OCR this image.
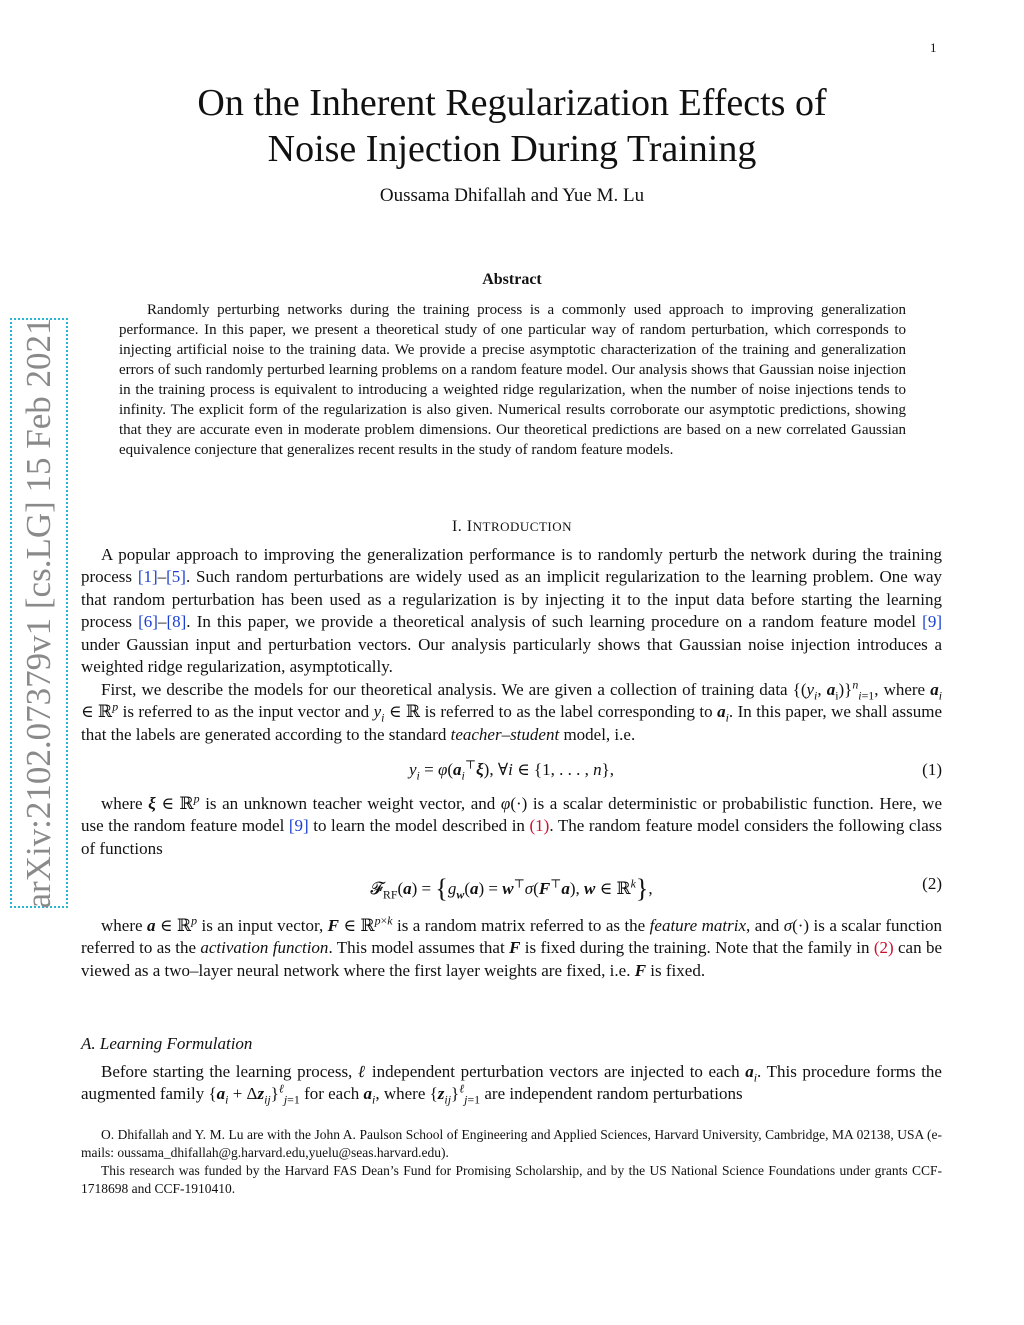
1
On the Inherent Regularization Effects of
Noise Injection During Training
Oussama Dhifallah and Yue M. Lu
Abstract
Randomly perturbing networks during the training process is a commonly used approach to improving generalization performance. In this paper, we present a theoretical study of one particular way of random perturbation, which corresponds to injecting artificial noise to the training data. We provide a precise asymptotic characterization of the training and generalization errors of such randomly perturbed learning problems on a random feature model. Our analysis shows that Gaussian noise injection in the training process is equivalent to introducing a weighted ridge regularization, when the number of noise injections tends to infinity. The explicit form of the regularization is also given. Numerical results corroborate our asymptotic predictions, showing that they are accurate even in moderate problem dimensions. Our theoretical predictions are based on a new correlated Gaussian equivalence conjecture that generalizes recent results in the study of random feature models.
I. INTRODUCTION
A popular approach to improving the generalization performance is to randomly perturb the network during the training process [1]–[5]. Such random perturbations are widely used as an implicit regularization to the learning problem. One way that random perturbation has been used as a regularization is by injecting it to the input data before starting the learning process [6]–[8]. In this paper, we provide a theoretical analysis of such learning procedure on a random feature model [9] under Gaussian input and perturbation vectors. Our analysis particularly shows that Gaussian noise injection introduces a weighted ridge regularization, asymptotically.
First, we describe the models for our theoretical analysis. We are given a collection of training data {($y_i$, $a_i)\}^n_{i=1}$, where $a_i$ ∈ ℝ$^p$ is referred to as the input vector and $y_i$ ∈ ℝ is referred to as the label corresponding to $a_i$. In this paper, we shall assume that the labels are generated according to the standard teacher–student model, i.e.
$y_i = \varphi(a_i^⊤\xi)$, ∀i ∈ {1, . . . , n},	(1)
where ξ ∈ ℝ$^p$ is an unknown teacher weight vector, and φ(·) is a scalar deterministic or probabilistic function. Here, we use the random feature model [9] to learn the model described in (1). The random feature model considers the following class of functions
𝓕$_{RF}$(a) = {$g_w(a) = w^⊤\sigma(F^⊤a)$, w ∈ ℝ$^k$},	(2)
where a ∈ ℝ$^p$ is an input vector, F ∈ ℝ$^{p\times k}$ is a random matrix referred to as the feature matrix, and σ(·) is a scalar function referred to as the activation function. This model assumes that F is fixed during the training. Note that the family in (2) can be viewed as a two–layer neural network where the first layer weights are fixed, i.e. F is fixed.
A. Learning Formulation
Before starting the learning process, ℓ independent perturbation vectors are injected to each $a_i$. This procedure forms the augmented family $\{a_i + \Delta z_{ij}\}^\ell_{j=1}$ for each $a_i$, where $\{z_{ij}\}^\ell_{j=1}$ are independent random perturbations
O. Dhifallah and Y. M. Lu are with the John A. Paulson School of Engineering and Applied Sciences, Harvard University, Cambridge, MA 02138, USA (e-mails: oussama_dhifallah@g.harvard.edu,yuelu@seas.harvard.edu).
This research was funded by the Harvard FAS Dean’s Fund for Promising Scholarship, and by the US National Science Foundations under grants CCF-1718698 and CCF-1910410.
arXiv:2102.07379v1 [cs.LG] 15 Feb 2021
